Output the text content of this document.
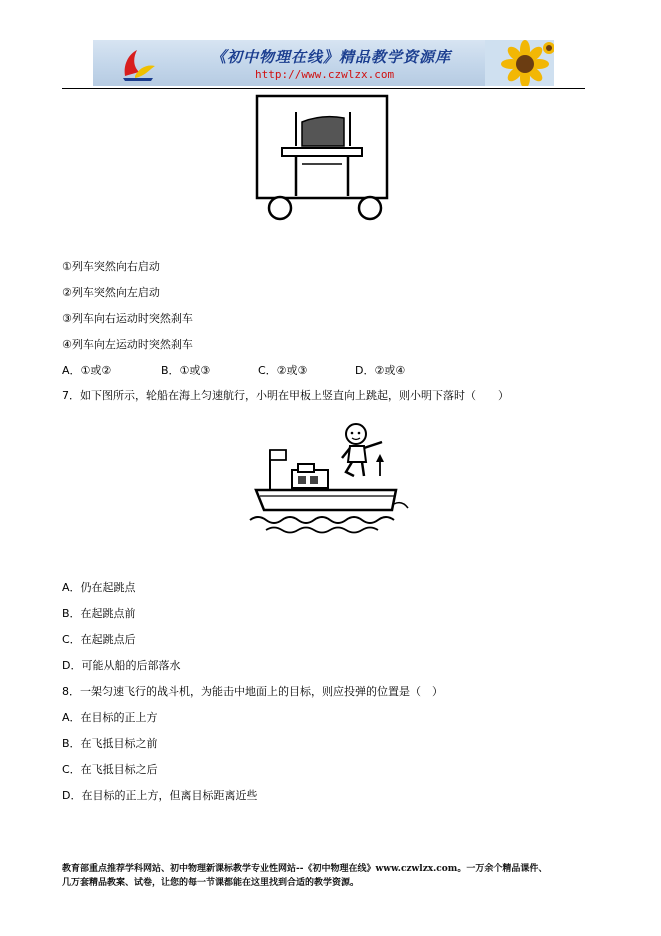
《初中物理在线》精品教学资源库
http://www.czwlzx.com
①列车突然向右启动
②列车突然向左启动
③列车向右运动时突然刹车
④列车向左运动时突然刹车
A．①或②	B．①或③	C．②或③	D．②或④
7．如下图所示，轮船在海上匀速航行，小明在甲板上竖直向上跳起，则小明下落时（　　）
A．仍在起跳点
B．在起跳点前
C．在起跳点后
D．可能从船的后部落水
8．一架匀速飞行的战斗机，为能击中地面上的目标，则应投弹的位置是（　）
A．在目标的正上方
B．在飞抵目标之前
C．在飞抵目标之后
D．在目标的正上方，但离目标距离近些
教育部重点推荐学科网站、初中物理新课标教学专业性网站--《初中物理在线》www.czwlzx.com。一万余个精品课件、
几万套精品教案、试卷，让您的每一节课都能在这里找到合适的教学资源。
